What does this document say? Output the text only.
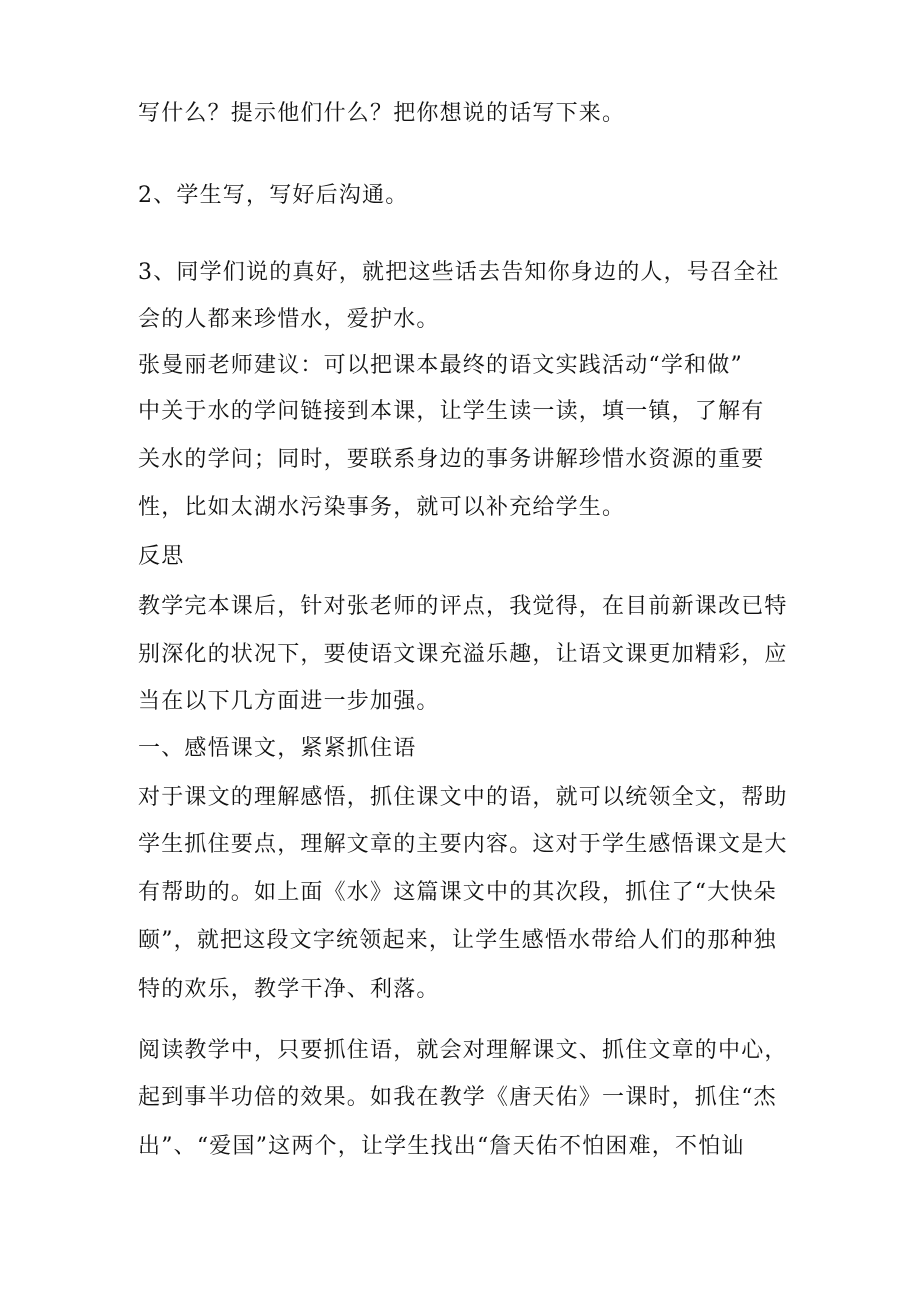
写什么？提示他们什么？把你想说的话写下来。

2、学生写，写好后沟通。

3、同学们说的真好，就把这些话去告知你身边的人，号召全社

会的人都来珍惜水，爱护水。

张曼丽老师建议：可以把课本最终的语文实践活动“学和做”

中关于水的学问链接到本课，让学生读一读，填一镇，了解有

关水的学问；同时，要联系身边的事务讲解珍惜水资源的重要

性，比如太湖水污染事务，就可以补充给学生。

反思

教学完本课后，针对张老师的评点，我觉得，在目前新课改已特

别深化的状况下，要使语文课充溢乐趣，让语文课更加精彩，应

当在以下几方面进一步加强。

一、感悟课文，紧紧抓住语

对于课文的理解感悟，抓住课文中的语，就可以统领全文，帮助

学生抓住要点，理解文章的主要内容。这对于学生感悟课文是大

有帮助的。如上面《水》这篇课文中的其次段，抓住了“大快朵

颐”，就把这段文字统领起来，让学生感悟水带给人们的那种独

特的欢乐，教学干净、利落。

阅读教学中，只要抓住语，就会对理解课文、抓住文章的中心，

起到事半功倍的效果。如我在教学《唐天佑》一课时，抓住“杰

出”、“爱国”这两个，让学生找出“詹天佑不怕困难，不怕讪
